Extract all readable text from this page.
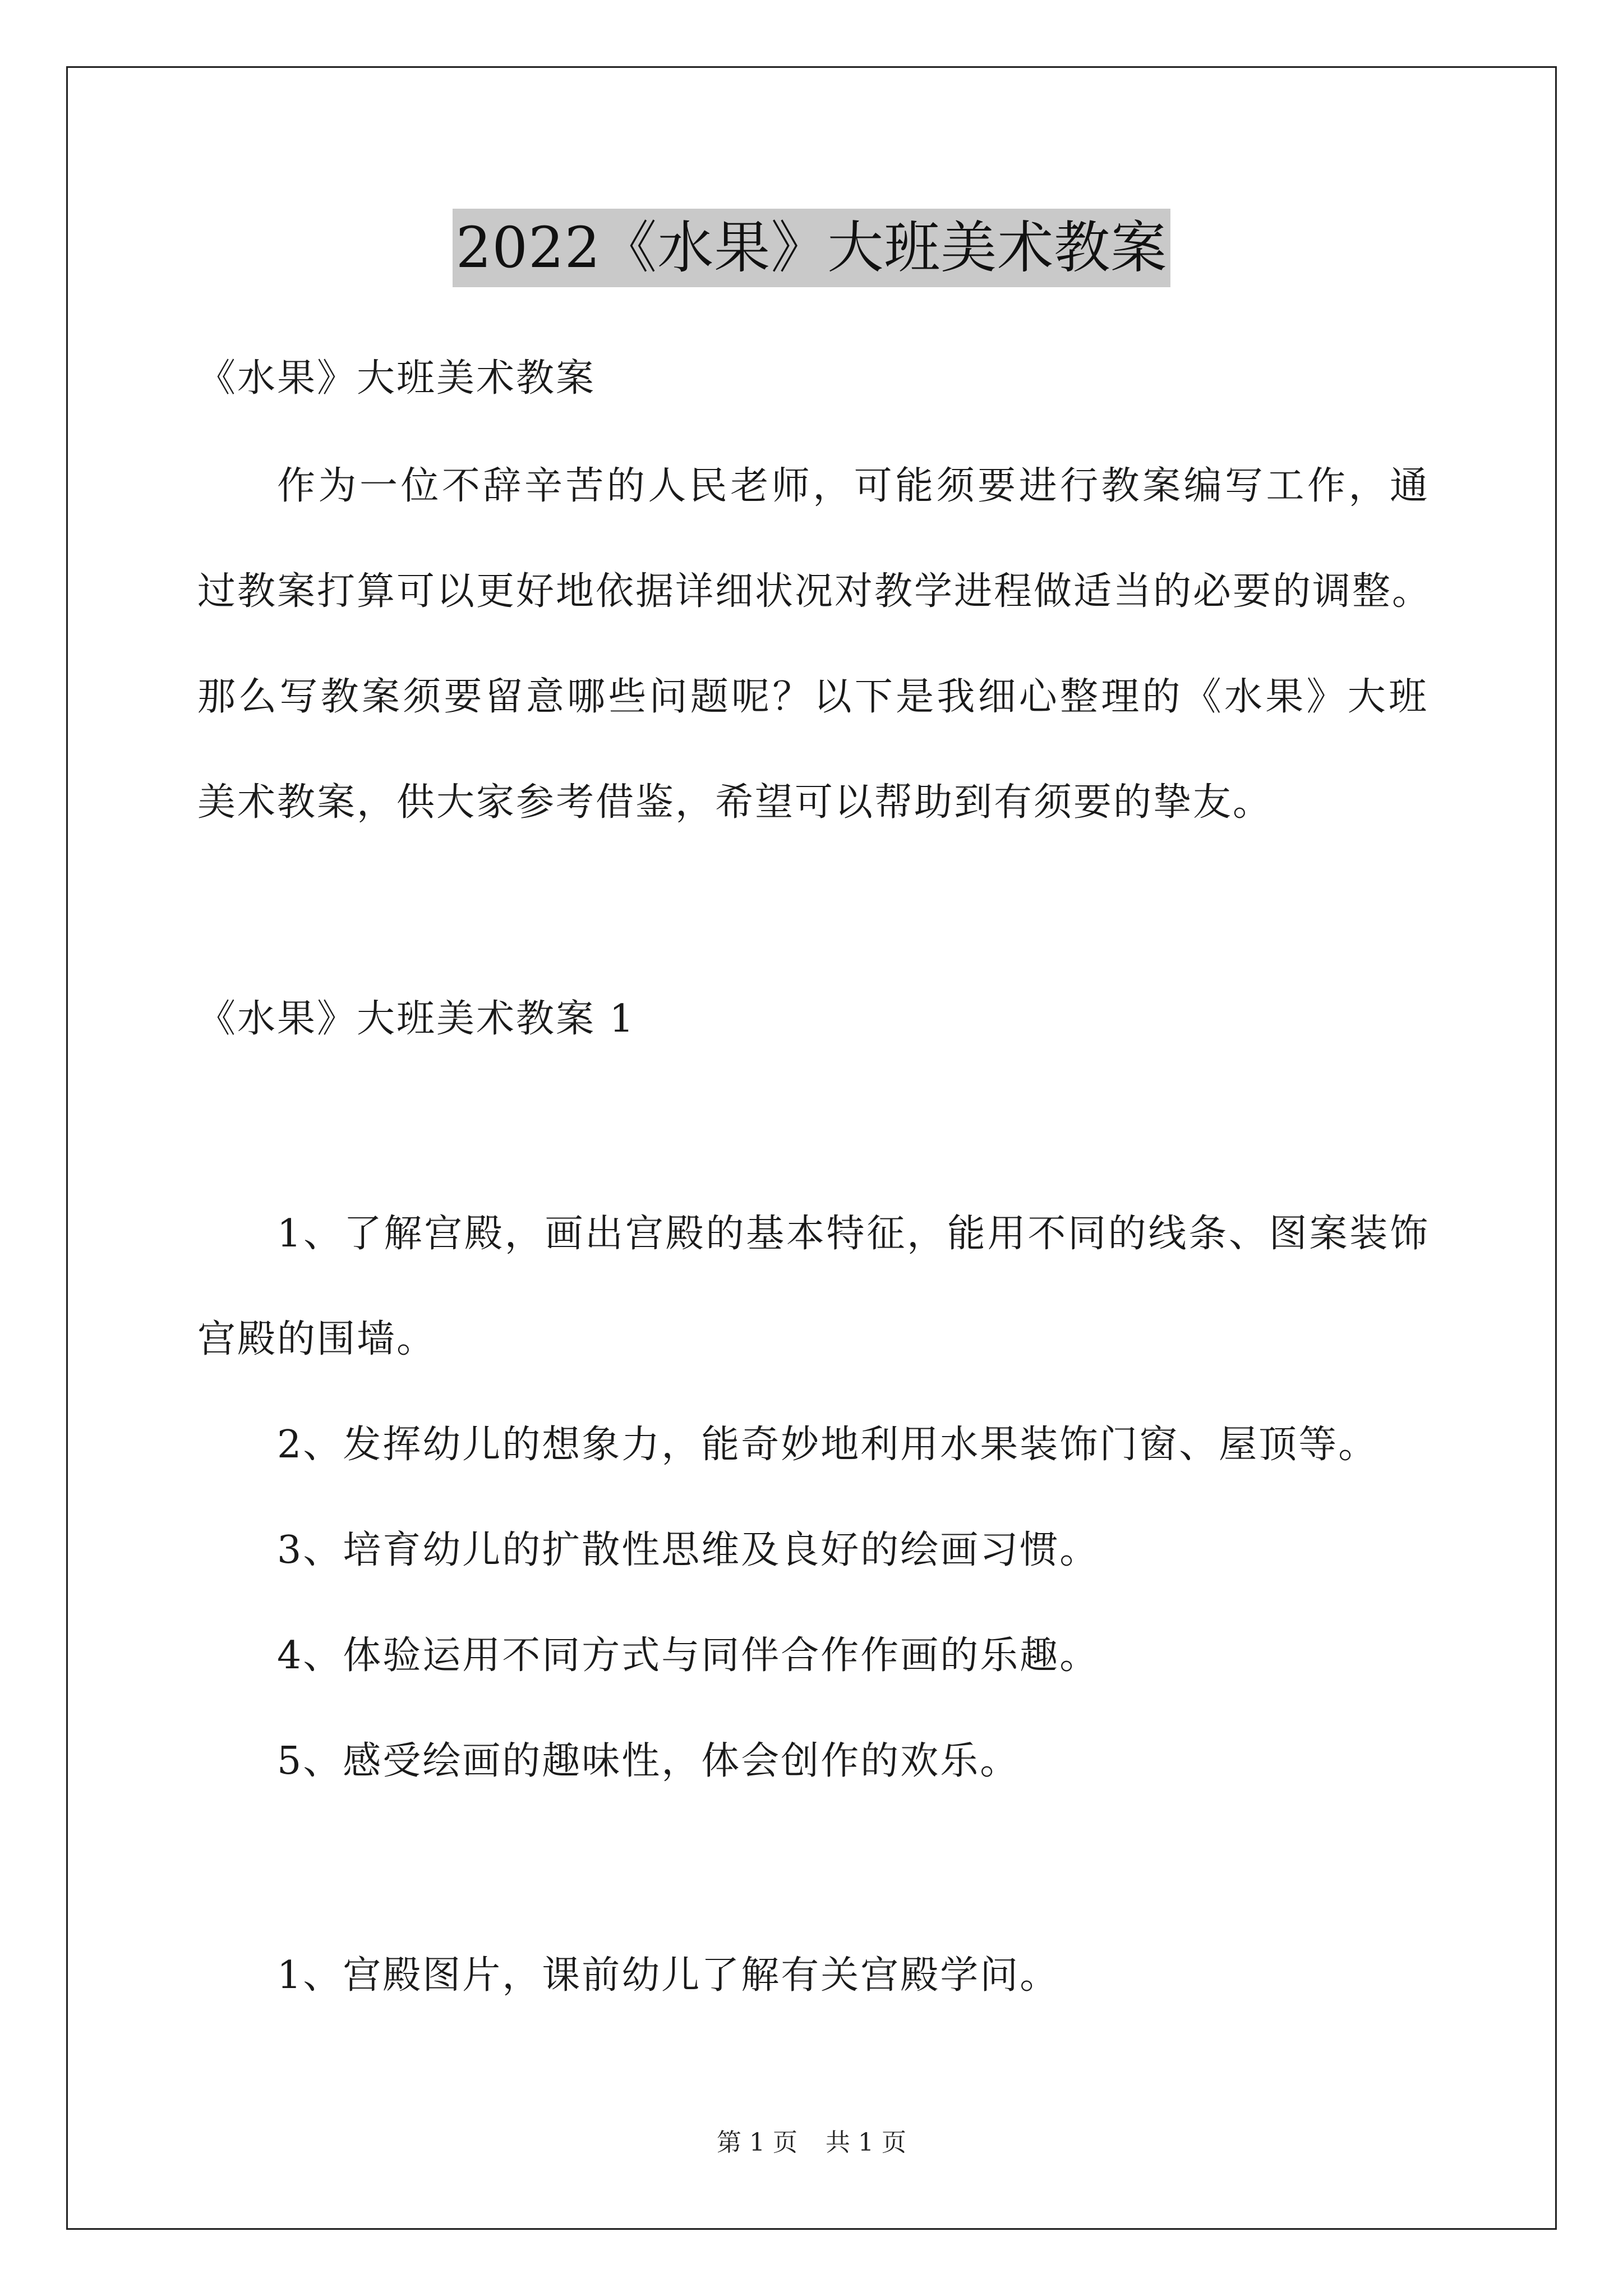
2022《水果》大班美术教案
《水果》大班美术教案
作为一位不辞辛苦的人民老师，可能须要进行教案编写工作，通
过教案打算可以更好地依据详细状况对教学进程做适当的必要的调整。
那么写教案须要留意哪些问题呢？以下是我细心整理的《水果》大班
美术教案，供大家参考借鉴，希望可以帮助到有须要的挚友。
《水果》大班美术教案 1
1、了解宫殿，画出宫殿的基本特征，能用不同的线条、图案装饰
宫殿的围墙。
2、发挥幼儿的想象力，能奇妙地利用水果装饰门窗、屋顶等。
3、培育幼儿的扩散性思维及良好的绘画习惯。
4、体验运用不同方式与同伴合作作画的乐趣。
5、感受绘画的趣味性，体会创作的欢乐。
1、宫殿图片，课前幼儿了解有关宫殿学问。
第 1 页 共 1 页
